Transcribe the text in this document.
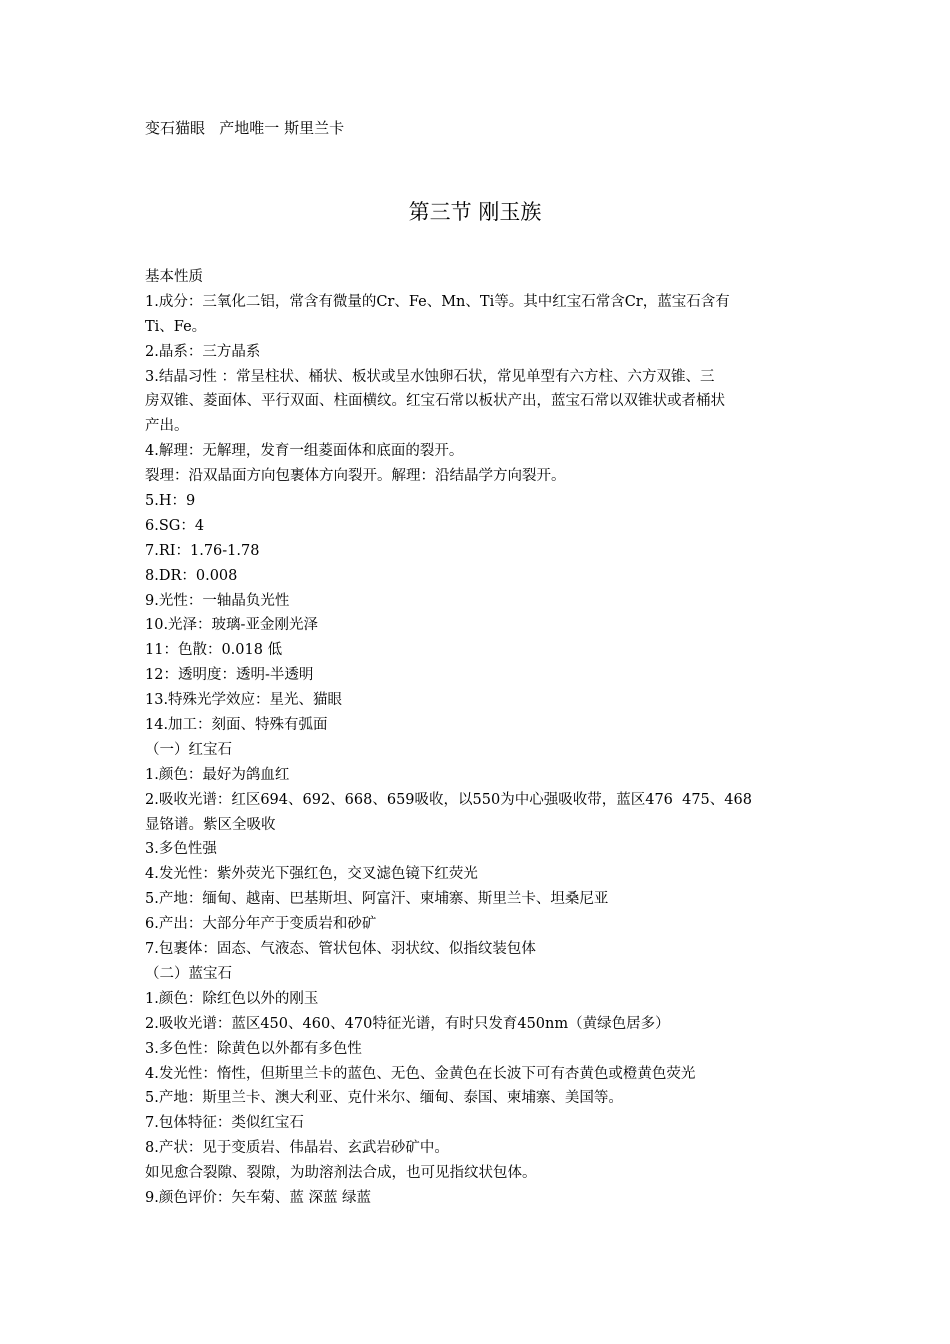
变石猫眼   产地唯一 斯里兰卡
第三节 刚玉族
基本性质
1.成分：三氧化二铝，常含有微量的Cr、Fe、Mn、Ti等。其中红宝石常含Cr，蓝宝石含有
Ti、Fe。
2.晶系：三方晶系
3.结晶习性 ：常呈柱状、桶状、板状或呈水蚀卵石状，常见单型有六方柱、六方双锥、三
房双锥、菱面体、平行双面、柱面横纹。红宝石常以板状产出，蓝宝石常以双锥状或者桶状
产出。
4.解理：无解理，发育一组菱面体和底面的裂开。
裂理：沿双晶面方向包裹体方向裂开。解理：沿结晶学方向裂开。
5.H：9
6.SG：4
7.RI：1.76-1.78
8.DR：0.008
9.光性：一轴晶负光性
10.光泽：玻璃-亚金刚光泽
11：色散：0.018 低
12：透明度：透明-半透明
13.特殊光学效应：星光、猫眼
14.加工：刻面、特殊有弧面
（一）红宝石
1.颜色：最好为鸽血红
2.吸收光谱：红区694、692、668、659吸收，以550为中心强吸收带，蓝区476  475、468
显铬谱。紫区全吸收
3.多色性强
4.发光性：紫外荧光下强红色，交叉滤色镜下红荧光
5.产地：缅甸、越南、巴基斯坦、阿富汗、柬埔寨、斯里兰卡、坦桑尼亚
6.产出：大部分年产于变质岩和砂矿
7.包裹体：固态、气液态、管状包体、羽状纹、似指纹装包体
（二）蓝宝石
1.颜色：除红色以外的刚玉
2.吸收光谱：蓝区450、460、470特征光谱，有时只发育450nm（黄绿色居多）
3.多色性：除黄色以外都有多色性
4.发光性：惰性，但斯里兰卡的蓝色、无色、金黄色在长波下可有杏黄色或橙黄色荧光
5.产地：斯里兰卡、澳大利亚、克什米尔、缅甸、泰国、柬埔寨、美国等。
7.包体特征：类似红宝石
8.产状：见于变质岩、伟晶岩、玄武岩砂矿中。
如见愈合裂隙、裂隙，为助溶剂法合成，也可见指纹状包体。
9.颜色评价：矢车菊、蓝 深蓝 绿蓝
